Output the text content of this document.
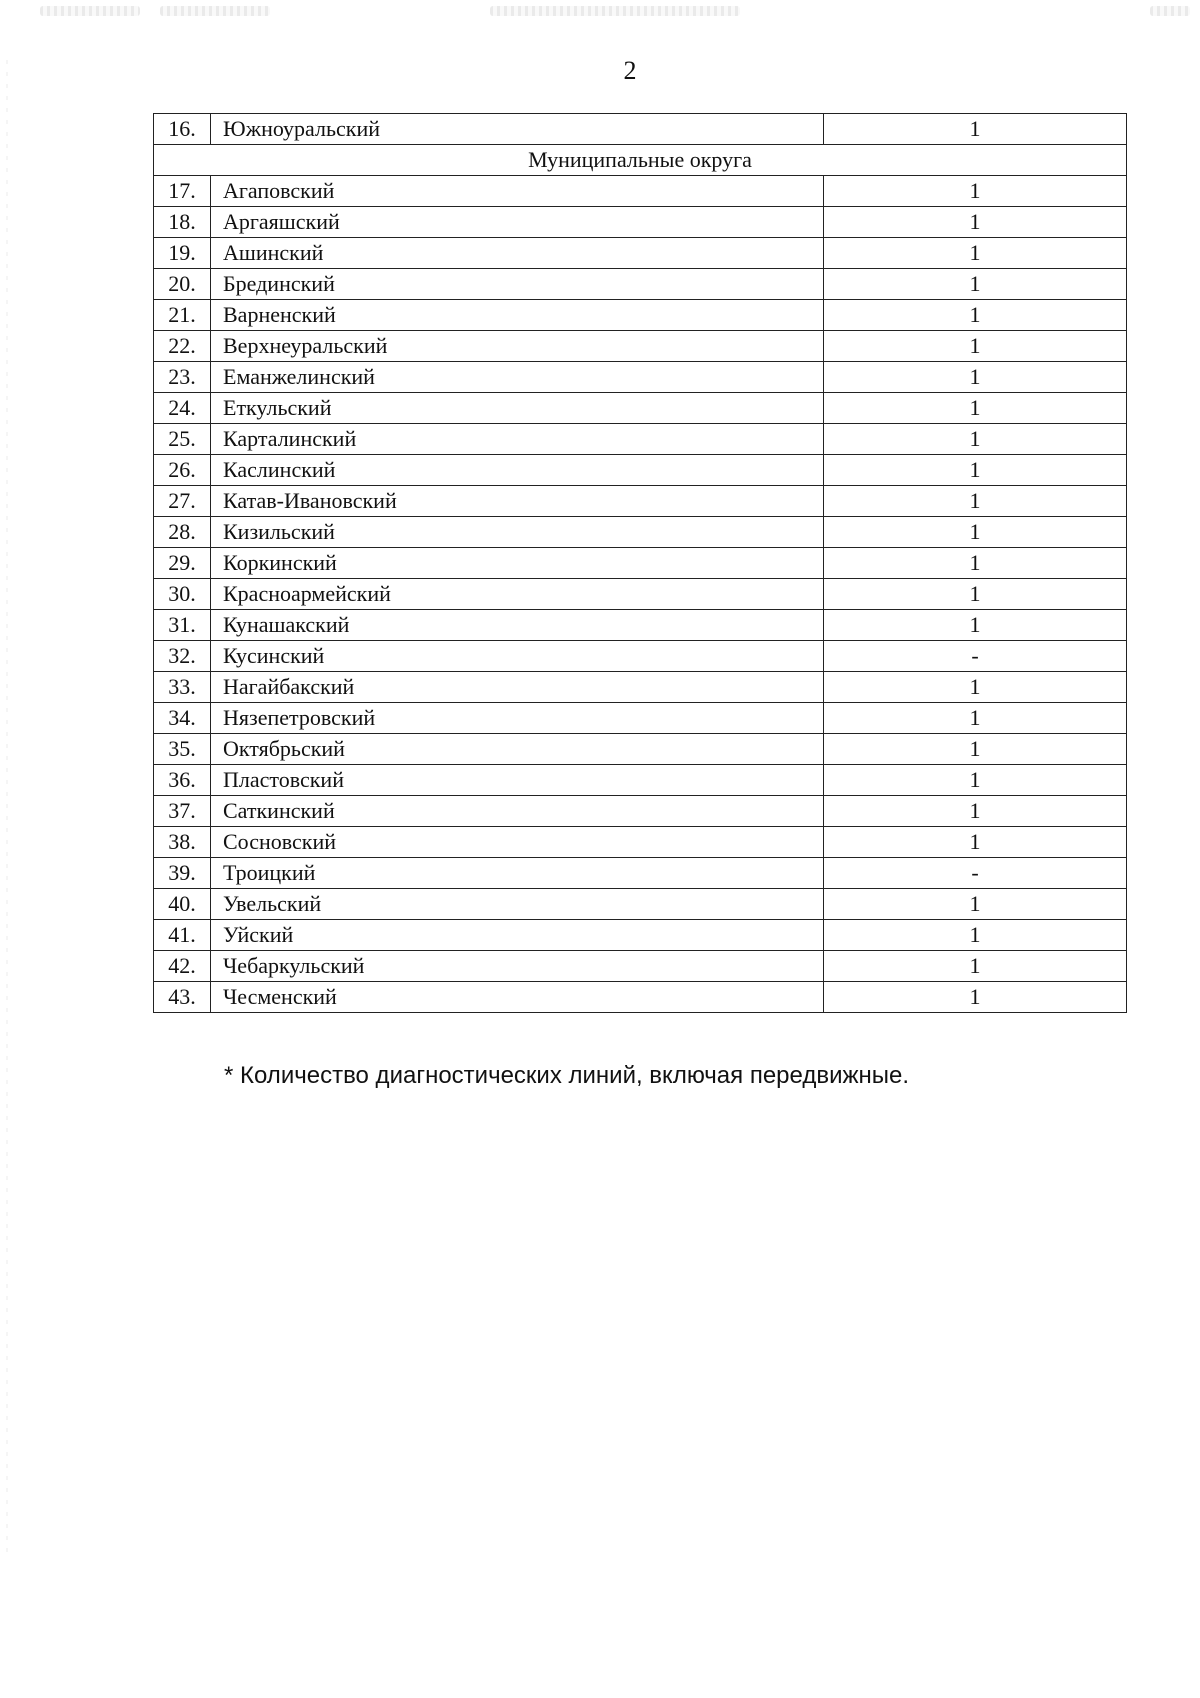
2
16.	Южноуральский	1
Муниципальные округа		
17.	Агаповский	1
18.	Аргаяшский	1
19.	Ашинский	1
20.	Брединский	1
21.	Варненский	1
22.	Верхнеуральский	1
23.	Еманжелинский	1
24.	Еткульский	1
25.	Карталинский	1
26.	Каслинский	1
27.	Катав-Ивановский	1
28.	Кизильский	1
29.	Коркинский	1
30.	Красноармейский	1
31.	Кунашакский	1
32.	Кусинский	-
33.	Нагайбакский	1
34.	Нязепетровский	1
35.	Октябрьский	1
36.	Пластовский	1
37.	Саткинский	1
38.	Сосновский	1
39.	Троицкий	-
40.	Увельский	1
41.	Уйский	1
42.	Чебаркульский	1
43.	Чесменский	1
* Количество диагностических линий, включая передвижные.
